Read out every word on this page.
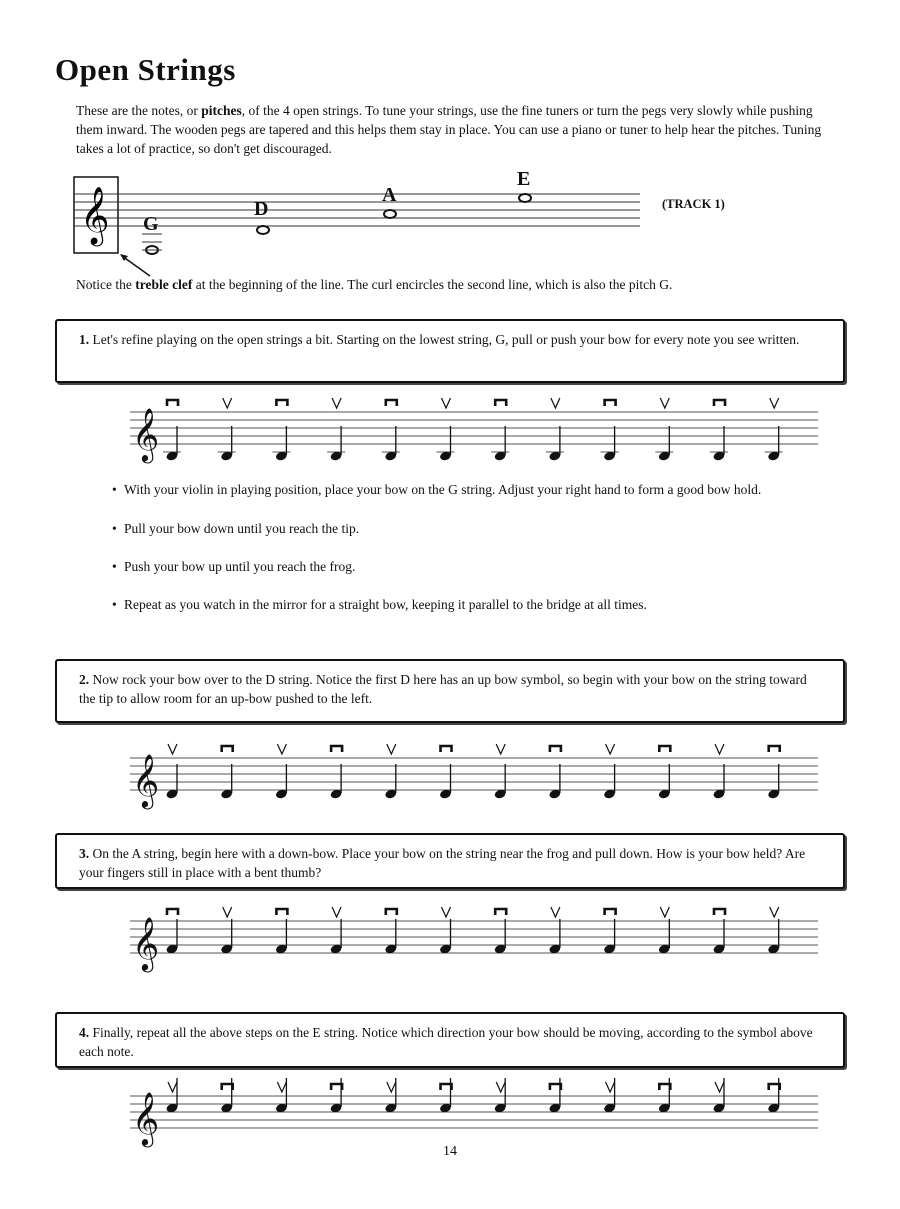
Open Strings

These are the notes, or pitches, of the 4 open strings. To tune your strings, use the fine tuners or turn the pegs very slowly while pushing them inward. The wooden pegs are tapered and this helps them stay in place. You can use a piano or tuner to help hear the pitches. Tuning takes a lot of practice, so don't get discouraged.

𝄞 G
D
A
E
(TRACK 1)

Notice the treble clef at the beginning of the line. The curl encircles the second line, which is also the pitch G.

1. Let's refine playing on the open strings a bit. Starting on the lowest string, G, pull or push your bow for every note you see written.

𝄞
• With your violin in playing position, place your bow on the G string. Adjust your right hand to form a good bow hold.
• Pull your bow down until you reach the tip.
• Push your bow up until you reach the frog.
• Repeat as you watch in the mirror for a straight bow, keeping it parallel to the bridge at all times.

2. Now rock your bow over to the D string. Notice the first D here has an up bow symbol, so begin with your bow on the string toward the tip to allow room for an up-bow pushed to the left.

𝄞

3. On the A string, begin here with a down-bow. Place your bow on the string near the frog and pull down. How is your bow held? Are your fingers still in place with a bent thumb?

𝄞

4. Finally, repeat all the above steps on the E string. Notice which direction your bow should be moving, according to the symbol above each note.

𝄞
14
